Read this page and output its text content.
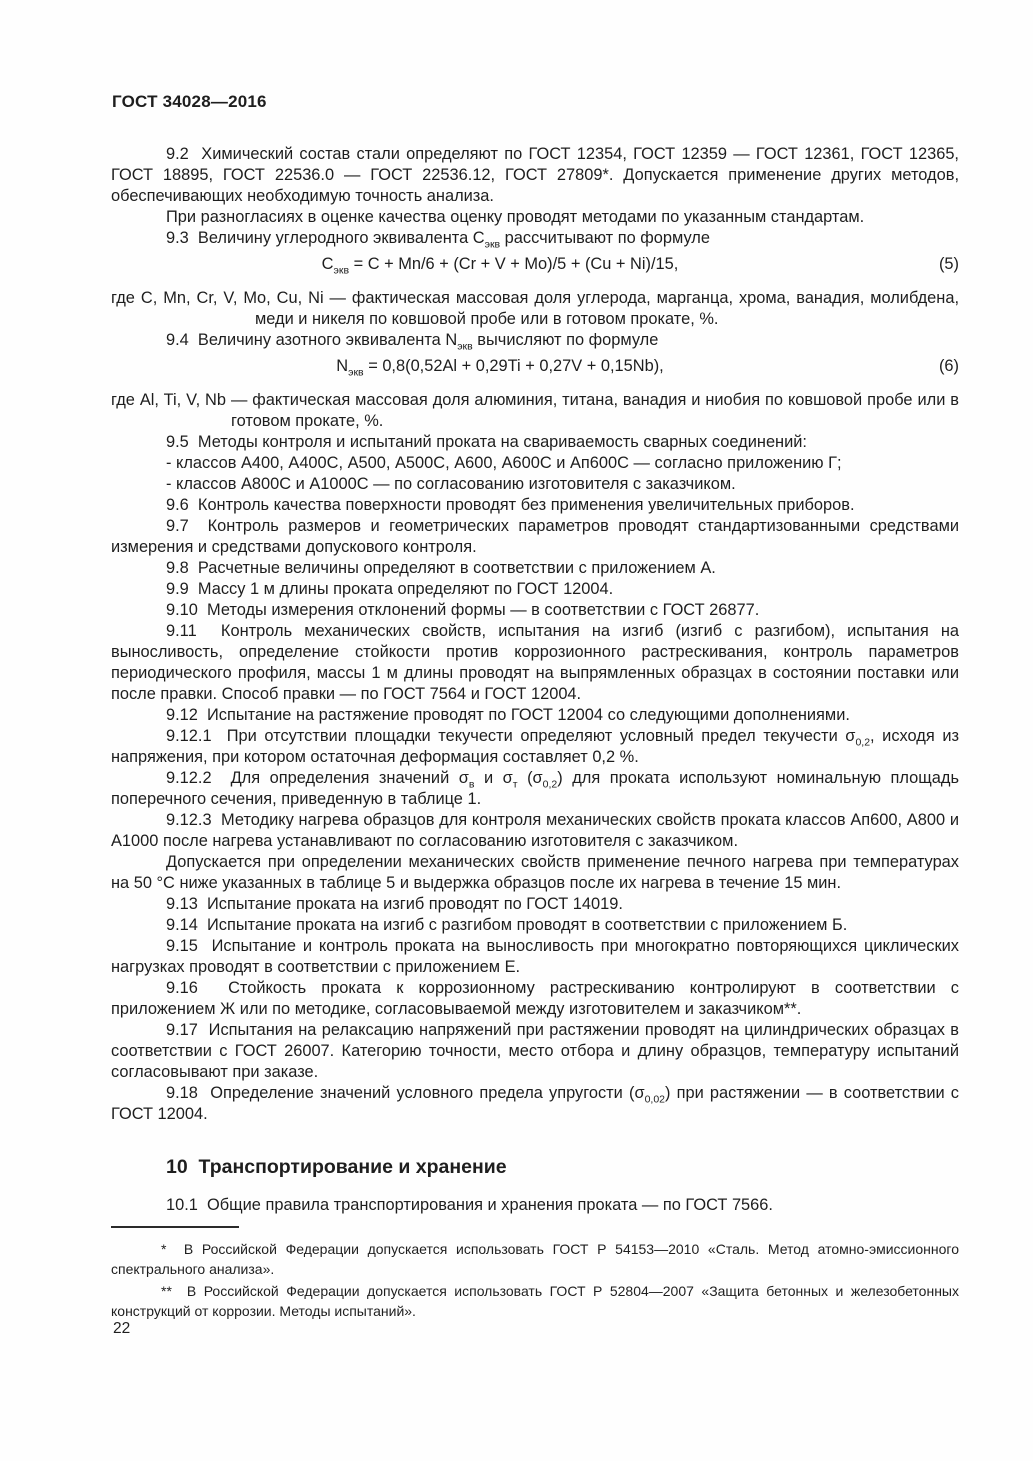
ГОСТ 34028—2016
9.2  Химический состав стали определяют по ГОСТ 12354, ГОСТ 12359 — ГОСТ 12361, ГОСТ 12365, ГОСТ 18895, ГОСТ 22536.0 — ГОСТ 22536.12, ГОСТ 27809*. Допускается применение других методов, обеспечивающих необходимую точность анализа.
При разногласиях в оценке качества оценку проводят методами по указанным стандартам.
9.3  Величину углеродного эквивалента $С_{экв}$ рассчитывают по формуле
$С_{экв} = C + Mn/6 + (Cr + V + Mo)/5 + (Cu + Ni)/15$,	(5)
где C, Mn, Cr, V, Mo, Cu, Ni — фактическая массовая доля углерода, марганца, хрома, ванадия, молибдена, меди и никеля по ковшовой пробе или в готовом прокате, %.
9.4  Величину азотного эквивалента $N_{экв}$ вычисляют по формуле
$N_{экв} = 0,8(0,52Al + 0,29Ti + 0,27V + 0,15Nb)$,	(6)
где Al, Ti, V, Nb — фактическая массовая доля алюминия, титана, ванадия и ниобия по ковшовой пробе или в готовом прокате, %.
9.5  Методы контроля и испытаний проката на свариваемость сварных соединений:
- классов А400, А400С, А500, А500С, А600, А600С и Ап600С — согласно приложению Г;
- классов А800С и А1000С — по согласованию изготовителя с заказчиком.
9.6  Контроль качества поверхности проводят без применения увеличительных приборов.
9.7  Контроль размеров и геометрических параметров проводят стандартизованными средствами измерения и средствами допускового контроля.
9.8  Расчетные величины определяют в соответствии с приложением А.
9.9  Массу 1 м длины проката определяют по ГОСТ 12004.
9.10  Методы измерения отклонений формы — в соответствии с ГОСТ 26877.
9.11  Контроль механических свойств, испытания на изгиб (изгиб с разгибом), испытания на выносливость, определение стойкости против коррозионного растрескивания, контроль параметров периодического профиля, массы 1 м длины проводят на выпрямленных образцах в состоянии поставки или после правки. Способ правки — по ГОСТ 7564 и ГОСТ 12004.
9.12  Испытание на растяжение проводят по ГОСТ 12004 со следующими дополнениями.
9.12.1  При отсутствии площадки текучести определяют условный предел текучести $\sigma_{0,2}$, исходя из напряжения, при котором остаточная деформация составляет 0,2 %.
9.12.2  Для определения значений $\sigma_в$ и $\sigma_т$ $(\sigma_{0,2})$ для проката используют номинальную площадь поперечного сечения, приведенную в таблице 1.
9.12.3  Методику нагрева образцов для контроля механических свойств проката классов Ап600, А800 и А1000 после нагрева устанавливают по согласованию изготовителя с заказчиком.
Допускается при определении механических свойств применение печного нагрева при температурах на 50 °С ниже указанных в таблице 5 и выдержка образцов после их нагрева в течение 15 мин.
9.13  Испытание проката на изгиб проводят по ГОСТ 14019.
9.14  Испытание проката на изгиб с разгибом проводят в соответствии с приложением Б.
9.15  Испытание и контроль проката на выносливость при многократно повторяющихся циклических нагрузках проводят в соответствии с приложением Е.
9.16  Стойкость проката к коррозионному растрескиванию контролируют в соответствии с приложением Ж или по методике, согласовываемой между изготовителем и заказчиком**.
9.17  Испытания на релаксацию напряжений при растяжении проводят на цилиндрических образцах в соответствии с ГОСТ 26007. Категорию точности, место отбора и длину образцов, температуру испытаний согласовывают при заказе.
9.18  Определение значений условного предела упругости $(\sigma_{0,02})$ при растяжении — в соответствии с ГОСТ 12004.
10  Транспортирование и хранение
10.1  Общие правила транспортирования и хранения проката — по ГОСТ 7566.
*  В Российской Федерации допускается использовать ГОСТ Р 54153—2010 «Сталь. Метод атомно-эмиссионного спектрального анализа».
**  В Российской Федерации допускается использовать ГОСТ Р 52804—2007 «Защита бетонных и железобетонных конструкций от коррозии. Методы испытаний».
22
